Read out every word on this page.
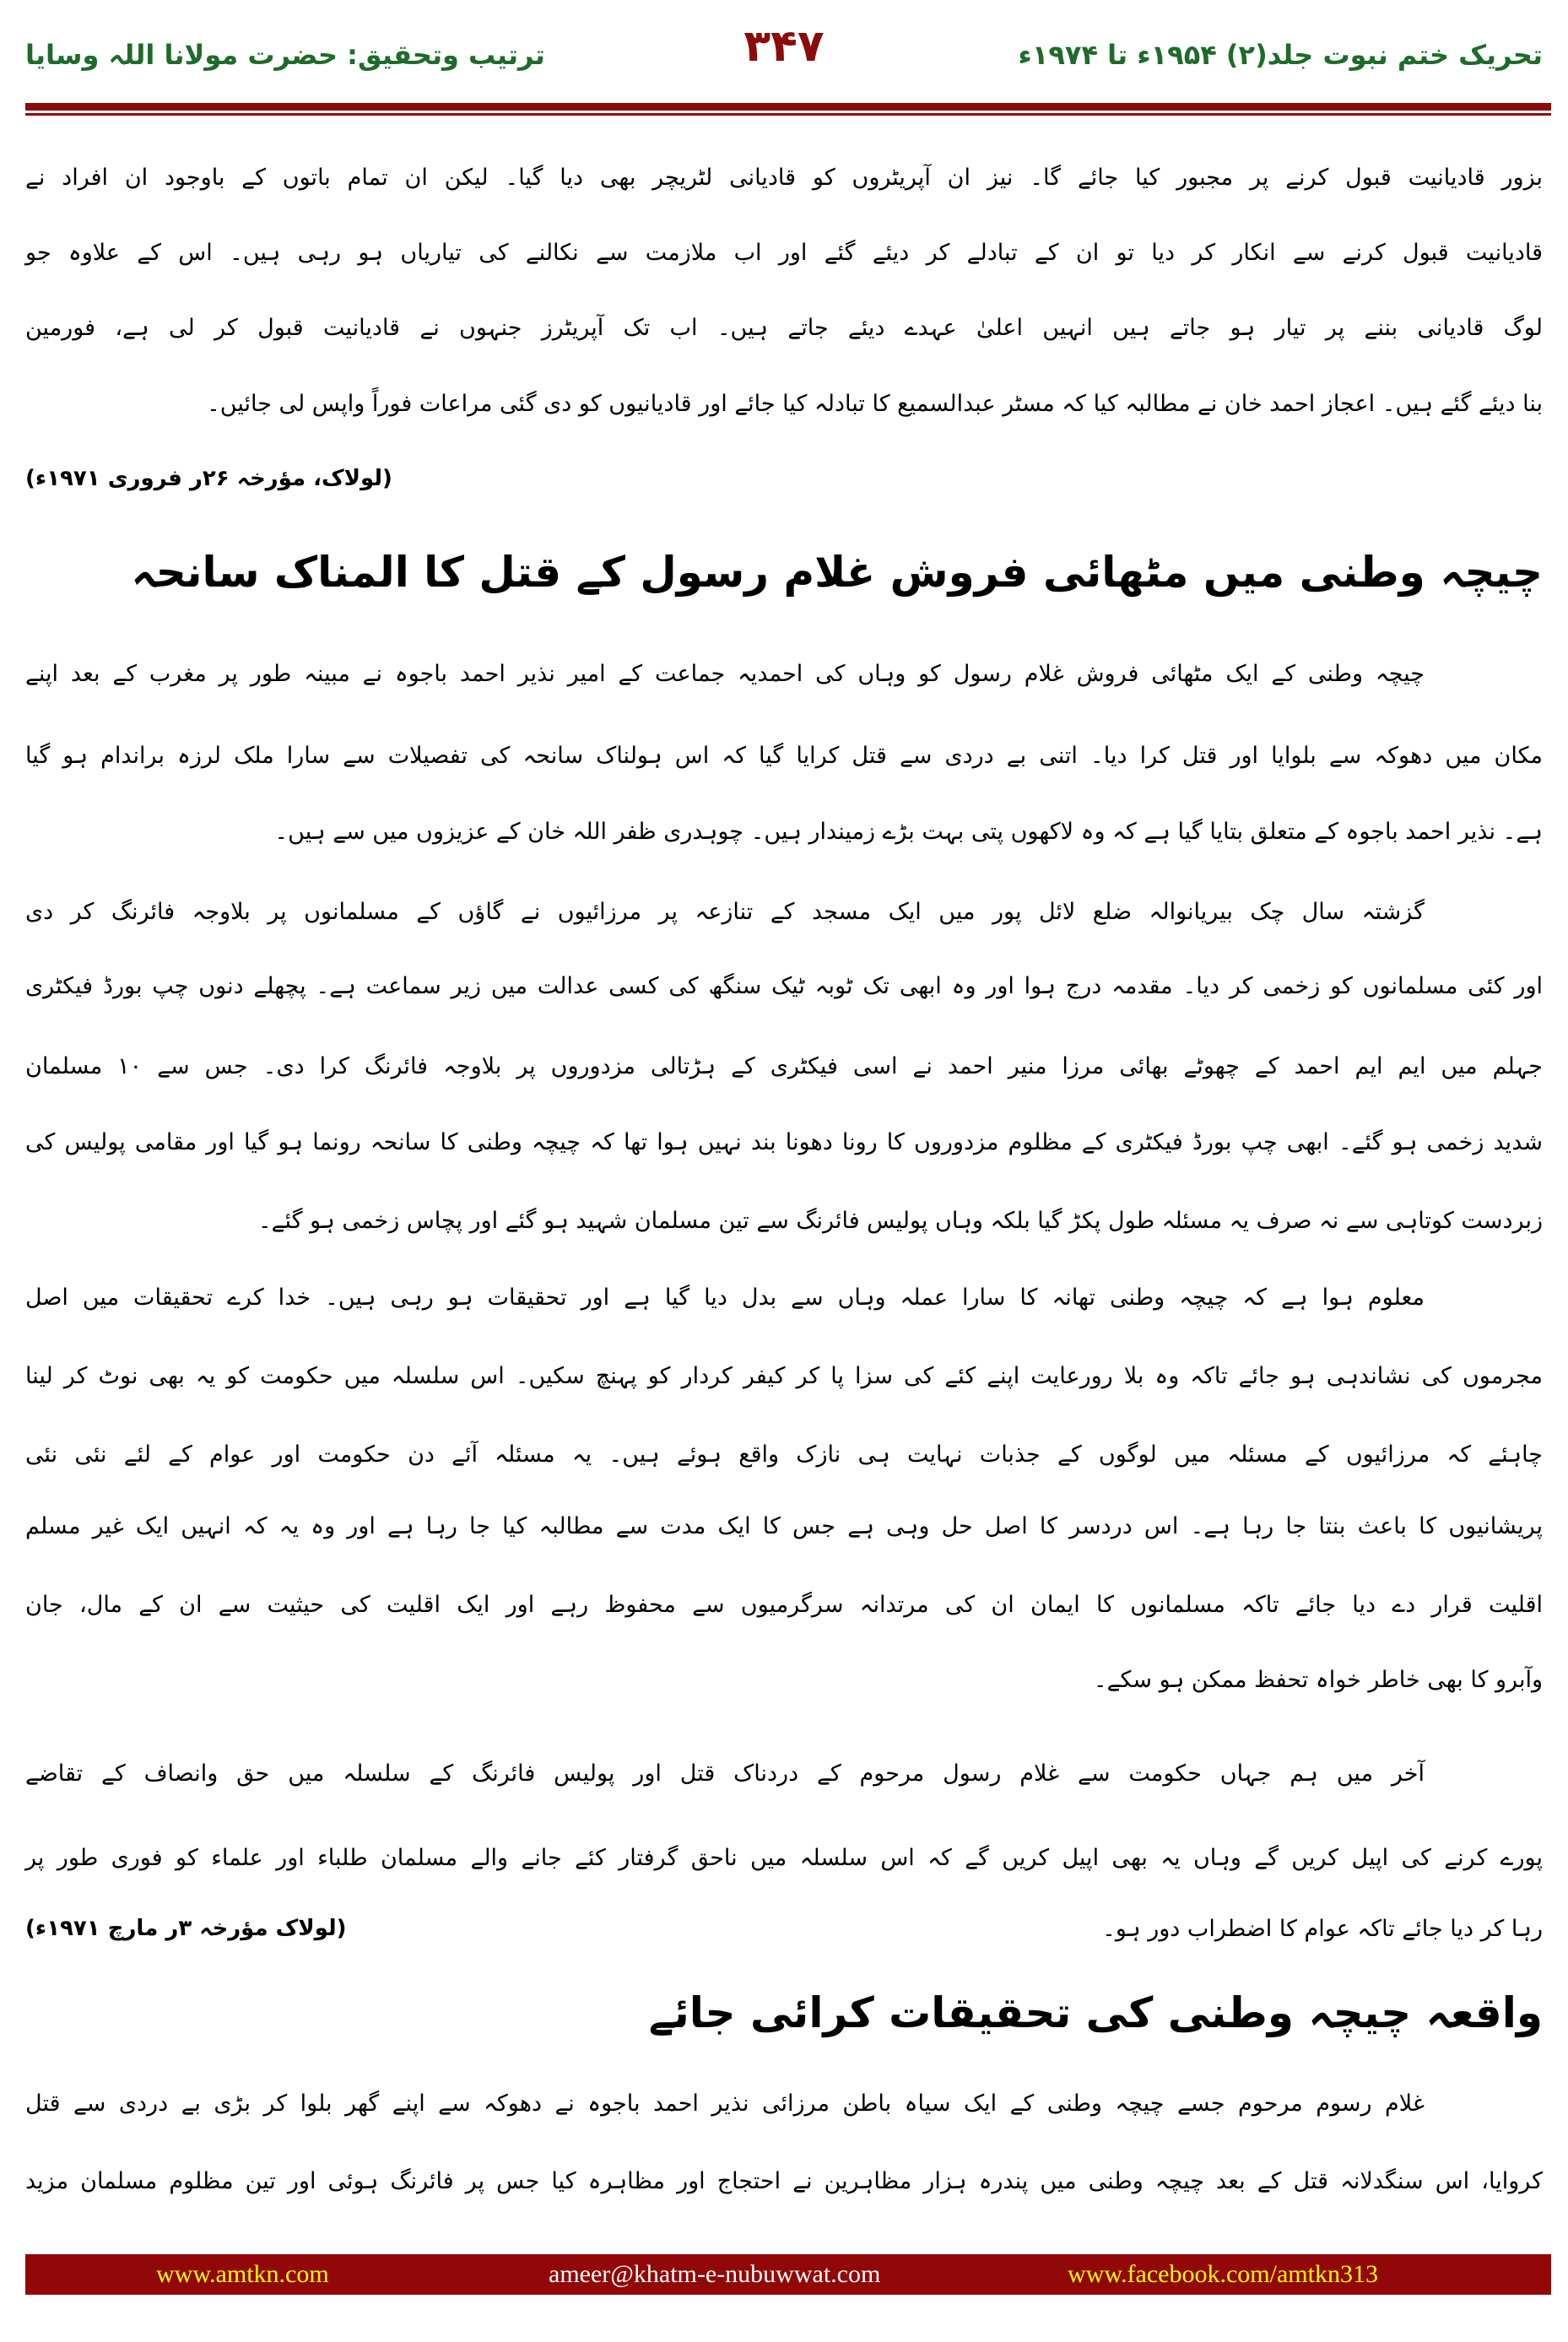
تحریک ختم نبوت جلد(۲) ۱۹۵۴ء تا ۱۹۷۴ء
۳۴۷
ترتیب وتحقیق: حضرت مولانا اللہ وسایا
بزور قادیانیت قبول کرنے پر مجبور کیا جائے گا۔ نیز ان آپریٹروں کو قادیانی لٹریچر بھی دیا گیا۔ لیکن ان تمام باتوں کے باوجود ان افراد نے
قادیانیت قبول کرنے سے انکار کر دیا تو ان کے تبادلے کر دیئے گئے اور اب ملازمت سے نکالنے کی تیاریاں ہو رہی ہیں۔ اس کے علاوہ جو
لوگ قادیانی بننے پر تیار ہو جاتے ہیں انہیں اعلیٰ عہدے دیئے جاتے ہیں۔ اب تک آپریٹرز جنہوں نے قادیانیت قبول کر لی ہے، فورمین
بنا دیئے گئے ہیں۔ اعجاز احمد خان نے مطالبہ کیا کہ مسٹر عبدالسمیع کا تبادلہ کیا جائے اور قادیانیوں کو دی گئی مراعات فوراً واپس لی جائیں۔
(لولاک، مؤرخہ ۲۶ر فروری ۱۹۷۱ء)
چیچہ وطنی میں مٹھائی فروش غلام رسول کے قتل کا المناک سانحہ
چیچہ وطنی کے ایک مٹھائی فروش غلام رسول کو وہاں کی احمدیہ جماعت کے امیر نذیر احمد باجوہ نے مبینہ طور پر مغرب کے بعد اپنے
مکان میں دھوکہ سے بلوایا اور قتل کرا دیا۔ اتنی بے دردی سے قتل کرایا گیا کہ اس ہولناک سانحہ کی تفصیلات سے سارا ملک لرزہ براندام ہو گیا
ہے۔ نذیر احمد باجوہ کے متعلق بتایا گیا ہے کہ وہ لاکھوں پتی بہت بڑے زمیندار ہیں۔ چوہدری ظفر اللہ خان کے عزیزوں میں سے ہیں۔
گزشتہ سال چک بیریانوالہ ضلع لائل پور میں ایک مسجد کے تنازعہ پر مرزائیوں نے گاؤں کے مسلمانوں پر بلاوجہ فائرنگ کر دی
اور کئی مسلمانوں کو زخمی کر دیا۔ مقدمہ درج ہوا اور وہ ابھی تک ٹوبہ ٹیک سنگھ کی کسی عدالت میں زیر سماعت ہے۔ پچھلے دنوں چپ بورڈ فیکٹری
جہلم میں ایم ایم احمد کے چھوٹے بھائی مرزا منیر احمد نے اسی فیکٹری کے ہڑتالی مزدوروں پر بلاوجہ فائرنگ کرا دی۔ جس سے ۱۰ مسلمان
شدید زخمی ہو گئے۔ ابھی چپ بورڈ فیکٹری کے مظلوم مزدوروں کا رونا دھونا بند نہیں ہوا تھا کہ چیچہ وطنی کا سانحہ رونما ہو گیا اور مقامی پولیس کی
زبردست کوتاہی سے نہ صرف یہ مسئلہ طول پکڑ گیا بلکہ وہاں پولیس فائرنگ سے تین مسلمان شہید ہو گئے اور پچاس زخمی ہو گئے۔
معلوم ہوا ہے کہ چیچہ وطنی تھانہ کا سارا عملہ وہاں سے بدل دیا گیا ہے اور تحقیقات ہو رہی ہیں۔ خدا کرے تحقیقات میں اصل
مجرموں کی نشاندہی ہو جائے تاکہ وہ بلا رورعایت اپنے کئے کی سزا پا کر کیفر کردار کو پہنچ سکیں۔ اس سلسلہ میں حکومت کو یہ بھی نوٹ کر لینا
چاہئے کہ مرزائیوں کے مسئلہ میں لوگوں کے جذبات نہایت ہی نازک واقع ہوئے ہیں۔ یہ مسئلہ آئے دن حکومت اور عوام کے لئے نئی نئی
پریشانیوں کا باعث بنتا جا رہا ہے۔ اس دردسر کا اصل حل وہی ہے جس کا ایک مدت سے مطالبہ کیا جا رہا ہے اور وہ یہ کہ انہیں ایک غیر مسلم
اقلیت قرار دے دیا جائے تاکہ مسلمانوں کا ایمان ان کی مرتدانہ سرگرمیوں سے محفوظ رہے اور ایک اقلیت کی حیثیت سے ان کے مال، جان
وآبرو کا بھی خاطر خواہ تحفظ ممکن ہو سکے۔
آخر میں ہم جہاں حکومت سے غلام رسول مرحوم کے دردناک قتل اور پولیس فائرنگ کے سلسلہ میں حق وانصاف کے تقاضے
پورے کرنے کی اپیل کریں گے وہاں یہ بھی اپیل کریں گے کہ اس سلسلہ میں ناحق گرفتار کئے جانے والے مسلمان طلباء اور علماء کو فوری طور پر
رہا کر دیا جائے تاکہ عوام کا اضطراب دور ہو۔
(لولاک مؤرخہ ۳ر مارچ ۱۹۷۱ء)
واقعہ چیچہ وطنی کی تحقیقات کرائی جائے
غلام رسوم مرحوم جسے چیچہ وطنی کے ایک سیاہ باطن مرزائی نذیر احمد باجوہ نے دھوکہ سے اپنے گھر بلوا کر بڑی بے دردی سے قتل
کروایا، اس سنگدلانہ قتل کے بعد چیچہ وطنی میں پندرہ ہزار مظاہرین نے احتجاج اور مظاہرہ کیا جس پر فائرنگ ہوئی اور تین مظلوم مسلمان مزید
www.amtkn.com	ameer@khatm-e-nubuwwat.com	www.facebook.com/amtkn313
